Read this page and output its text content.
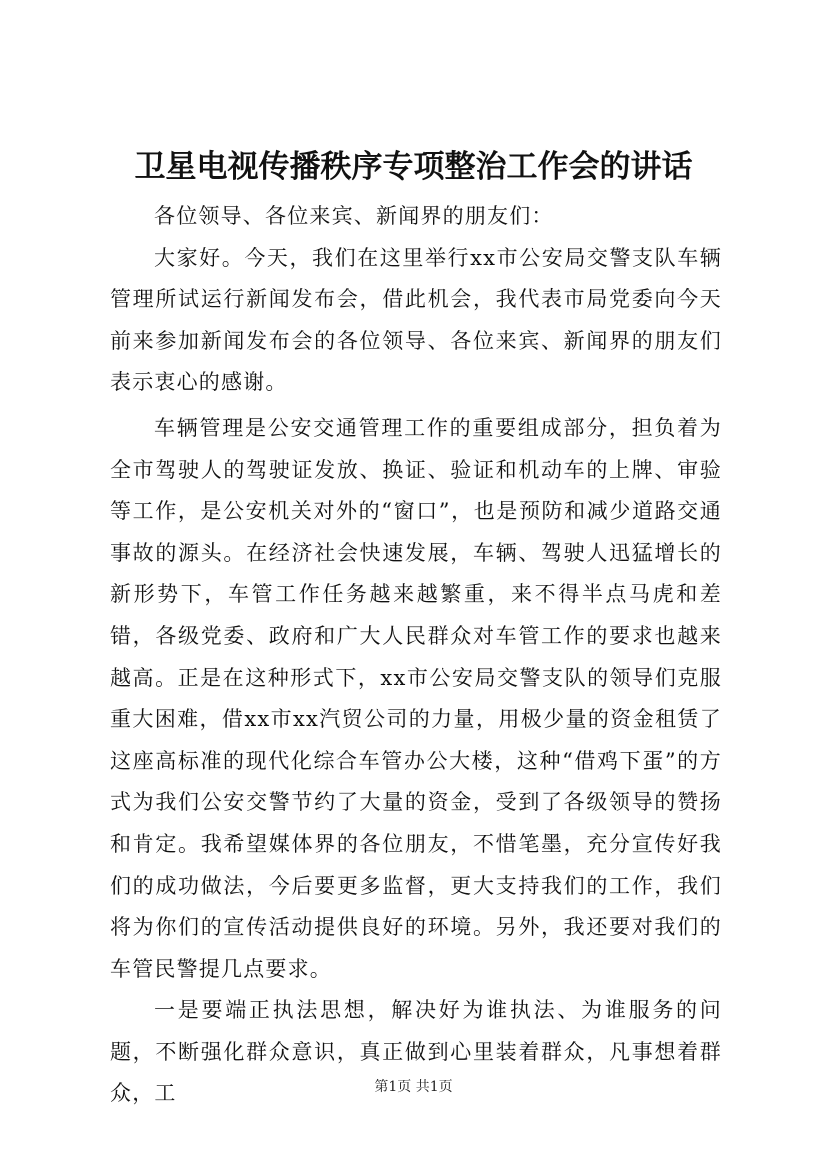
卫星电视传播秩序专项整治工作会的讲话

各位领导、各位来宾、新闻界的朋友们：

大家好。今天，我们在这里举行xx市公安局交警支队车辆管理所试运行新闻发布会，借此机会，我代表市局党委向今天前来参加新闻发布会的各位领导、各位来宾、新闻界的朋友们表示衷心的感谢。

车辆管理是公安交通管理工作的重要组成部分，担负着为全市驾驶人的驾驶证发放、换证、验证和机动车的上牌、审验等工作，是公安机关对外的“窗口”，也是预防和减少道路交通事故的源头。在经济社会快速发展，车辆、驾驶人迅猛增长的新形势下，车管工作任务越来越繁重，来不得半点马虎和差错，各级党委、政府和广大人民群众对车管工作的要求也越来越高。正是在这种形式下，xx市公安局交警支队的领导们克服重大困难，借xx市xx汽贸公司的力量，用极少量的资金租赁了这座高标准的现代化综合车管办公大楼，这种“借鸡下蛋”的方式为我们公安交警节约了大量的资金，受到了各级领导的赞扬和肯定。我希望媒体界的各位朋友，不惜笔墨，充分宣传好我们的成功做法，今后要更多监督，更大支持我们的工作，我们将为你们的宣传活动提供良好的环境。另外，我还要对我们的车管民警提几点要求。

一是要端正执法思想，解决好为谁执法、为谁服务的问题，不断强化群众意识，真正做到心里装着群众，凡事想着群众，工	第1页 共1页
